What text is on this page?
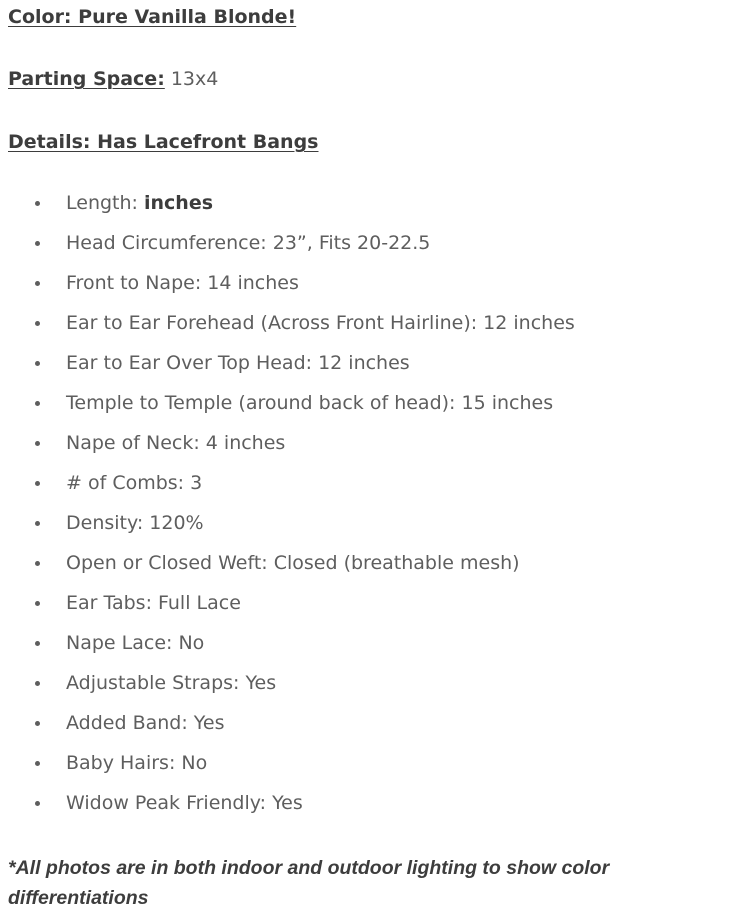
Color: Pure Vanilla Blonde!
Parting Space: 13x4
Details: Has Lacefront Bangs
Length: inches
Head Circumference: 23”, Fits 20-22.5
Front to Nape: 14 inches
Ear to Ear Forehead (Across Front Hairline): 12 inches
Ear to Ear Over Top Head: 12 inches
Temple to Temple (around back of head): 15 inches
Nape of Neck: 4 inches
# of Combs: 3
Density: 120%
Open or Closed Weft: Closed (breathable mesh)
Ear Tabs: Full Lace
Nape Lace: No
Adjustable Straps: Yes
Added Band: Yes
Baby Hairs: No
Widow Peak Friendly: Yes
*All photos are in both indoor and outdoor lighting to show color differentiations
